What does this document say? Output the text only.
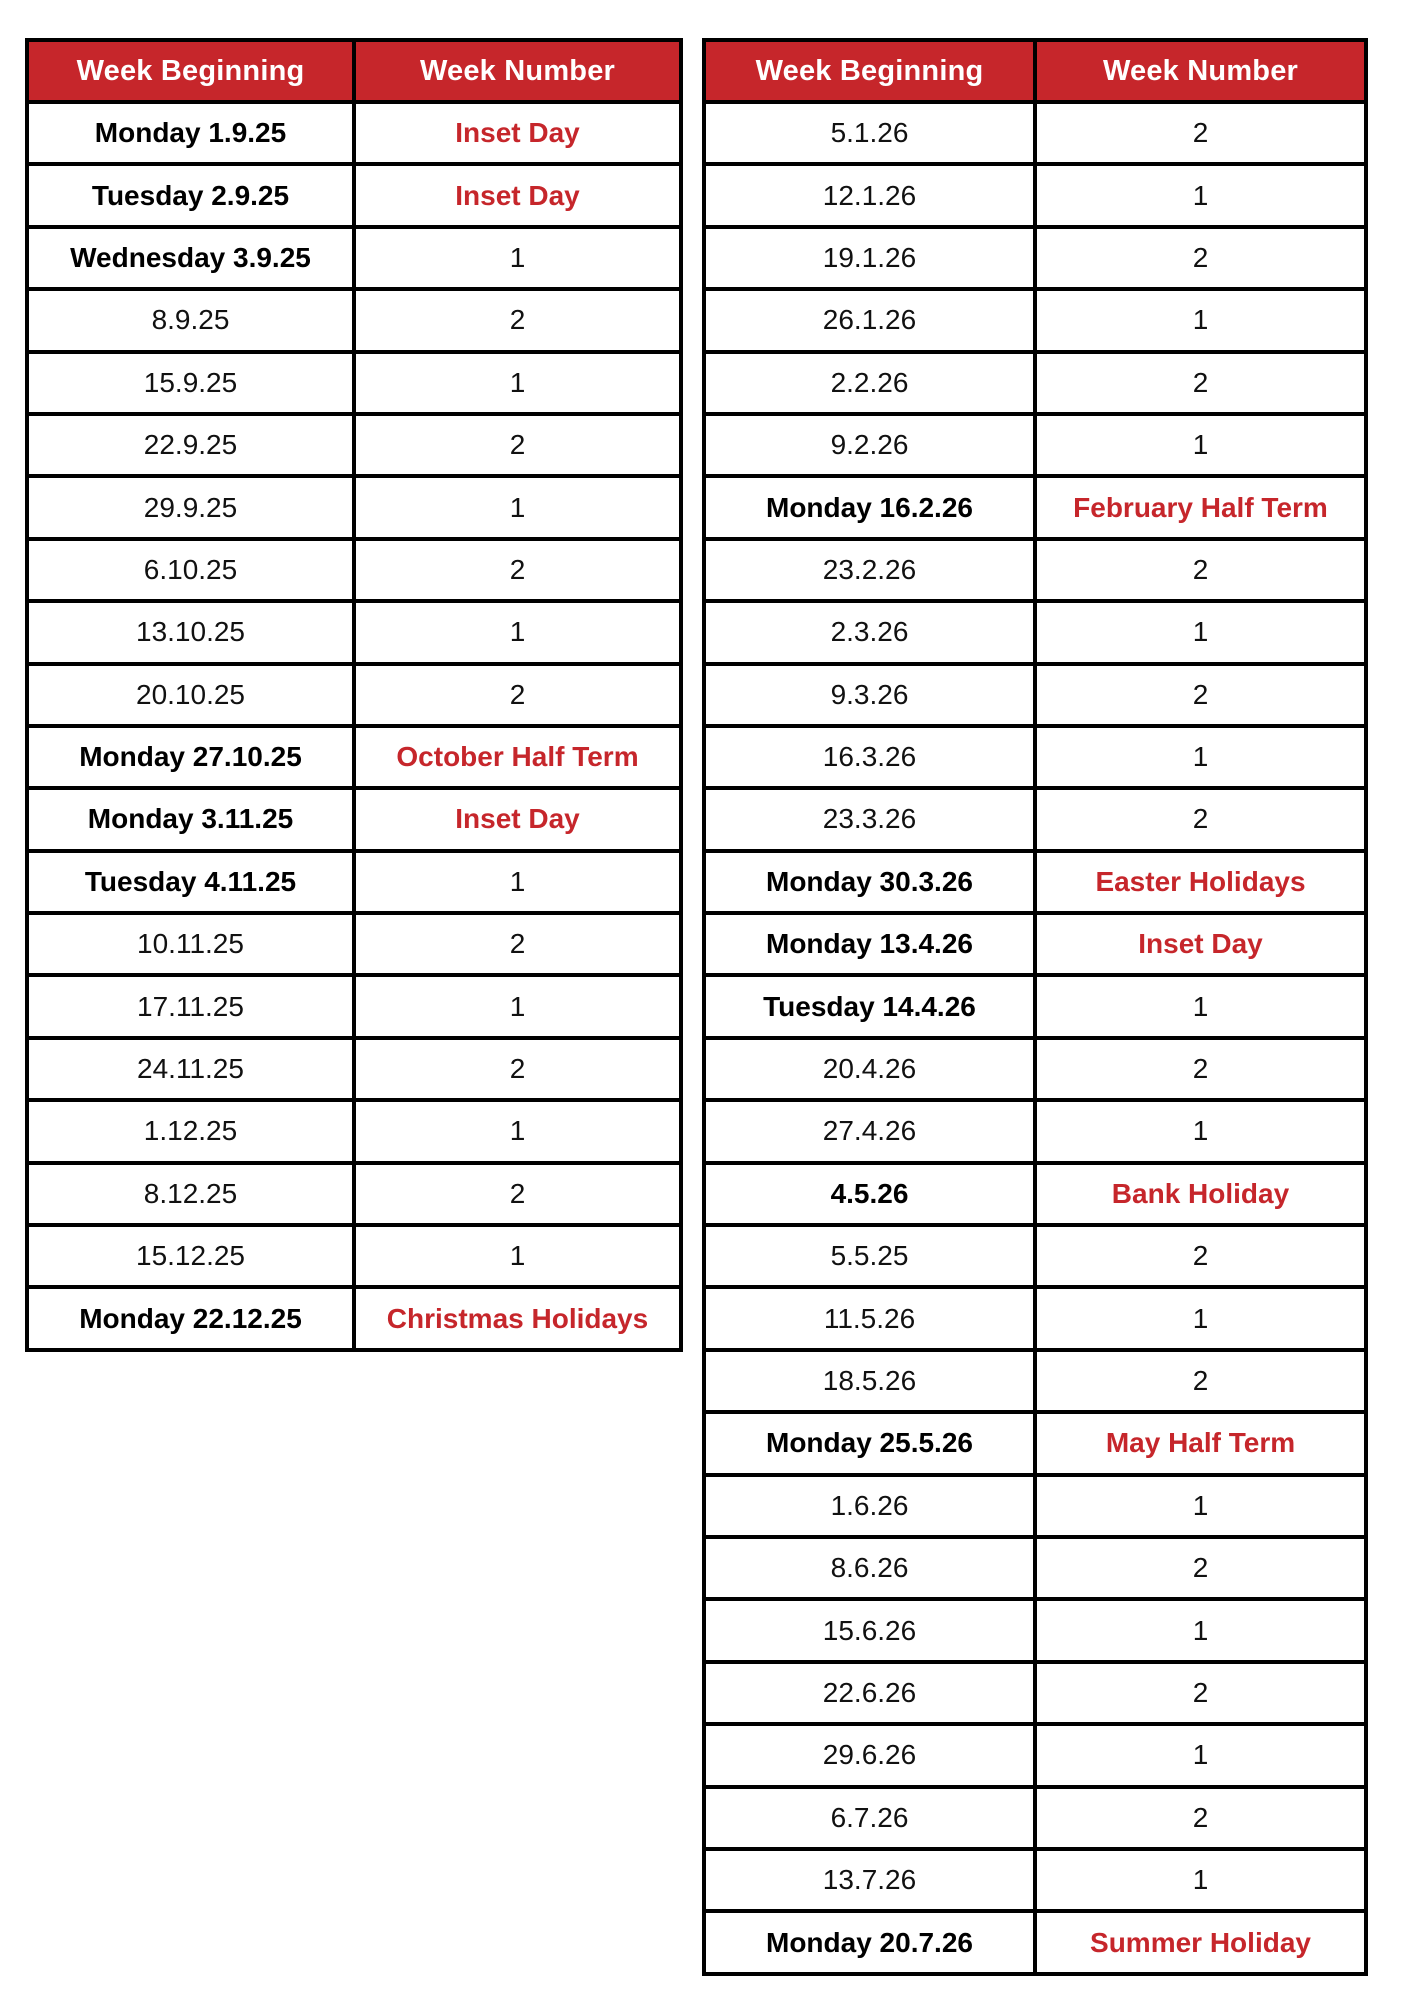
Week Beginning	Week Number
Monday 1.9.25	Inset Day
Tuesday 2.9.25	Inset Day
Wednesday 3.9.25	1
8.9.25	2
15.9.25	1
22.9.25	2
29.9.25	1
6.10.25	2
13.10.25	1
20.10.25	2
Monday 27.10.25	October Half Term
Monday 3.11.25	Inset Day
Tuesday 4.11.25	1
10.11.25	2
17.11.25	1
24.11.25	2
1.12.25	1
8.12.25	2
15.12.25	1
Monday 22.12.25	Christmas Holidays
Week Beginning	Week Number
5.1.26	2
12.1.26	1
19.1.26	2
26.1.26	1
2.2.26	2
9.2.26	1
Monday 16.2.26	February Half Term
23.2.26	2
2.3.26	1
9.3.26	2
16.3.26	1
23.3.26	2
Monday 30.3.26	Easter Holidays
Monday 13.4.26	Inset Day
Tuesday 14.4.26	1
20.4.26	2
27.4.26	1
4.5.26	Bank Holiday
5.5.25	2
11.5.26	1
18.5.26	2
Monday 25.5.26	May Half Term
1.6.26	1
8.6.26	2
15.6.26	1
22.6.26	2
29.6.26	1
6.7.26	2
13.7.26	1
Monday 20.7.26	Summer Holiday
